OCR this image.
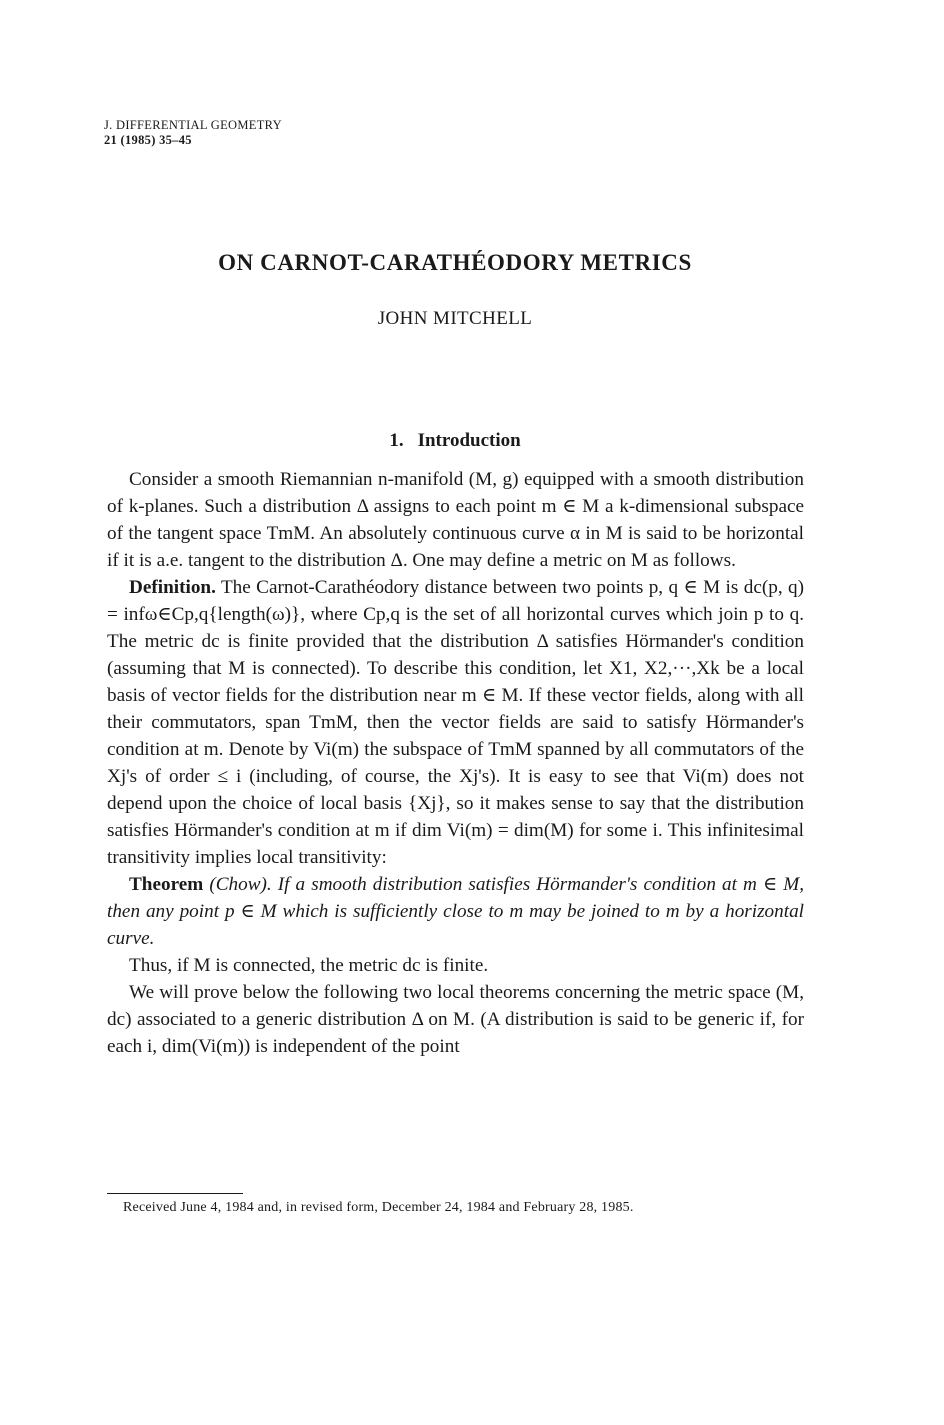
J. DIFFERENTIAL GEOMETRY
21 (1985) 35–45
ON CARNOT-CARATHÉODORY METRICS
JOHN MITCHELL
1. Introduction

Consider a smooth Riemannian n-manifold (M, g) equipped with a smooth distribution of k-planes. Such a distribution Δ assigns to each point m ∈ M a k-dimensional subspace of the tangent space TmM. An absolutely continuous curve α in M is said to be horizontal if it is a.e. tangent to the distribution Δ. One may define a metric on M as follows.

Definition. The Carnot-Carathéodory distance between two points p, q ∈ M is dc(p, q) = infω∈Cp,q{length(ω)}, where Cp,q is the set of all horizontal curves which join p to q. The metric dc is finite provided that the distribution Δ satisfies Hörmander's condition (assuming that M is connected). To describe this condition, let X1, X2,···,Xk be a local basis of vector fields for the distribution near m ∈ M. If these vector fields, along with all their commutators, span TmM, then the vector fields are said to satisfy Hörmander's condition at m. Denote by Vi(m) the subspace of TmM spanned by all commutators of the Xj's of order ≤ i (including, of course, the Xj's). It is easy to see that Vi(m) does not depend upon the choice of local basis {Xj}, so it makes sense to say that the distribution satisfies Hörmander's condition at m if dim Vi(m) = dim(M) for some i. This infinitesimal transitivity implies local transitivity:

Theorem (Chow). If a smooth distribution satisfies Hörmander's condition at m ∈ M, then any point p ∈ M which is sufficiently close to m may be joined to m by a horizontal curve.

Thus, if M is connected, the metric dc is finite.

We will prove below the following two local theorems concerning the metric space (M, dc) associated to a generic distribution Δ on M. (A distribution is said to be generic if, for each i, dim(Vi(m)) is independent of the point

Received June 4, 1984 and, in revised form, December 24, 1984 and February 28, 1985.
